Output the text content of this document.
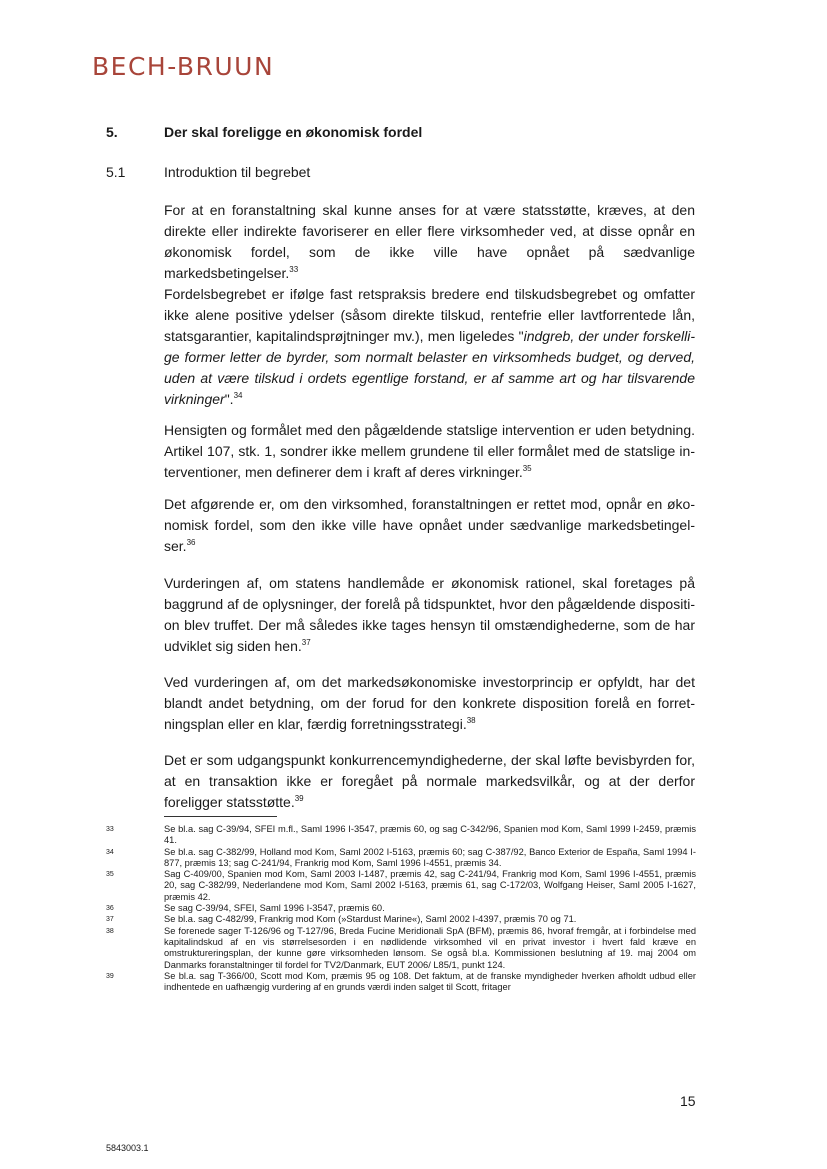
BECH-BRUUN
5.	Der skal foreligge en økonomisk fordel
5.1	Introduktion til begrebet

For at en foranstaltning skal kunne anses for at være statsstøtte, kræves, at den direkte eller indirekte favoriserer en eller flere virksomheder ved, at disse opnår en økonomisk fordel, som de ikke ville have opnået på sædvanlige markedsbetingelser.$^{33}$

Fordelsbegrebet er ifølge fast retspraksis bredere end tilskudsbegrebet og omfatter ikke alene positive ydelser (såsom direkte tilskud, rentefrie eller lavtforrentede lån, statsgarantier, kapitalindsprøjtninger mv.), men ligeledes "indgreb, der under forskellige former letter de byrder, som normalt belaster en virksomheds budget, og derved, uden at være tilskud i ordets egentlige forstand, er af samme art og har tilsvarende virkninger".$^{34}$

Hensigten og formålet med den pågældende statslige intervention er uden betydning. Artikel 107, stk. 1, sondrer ikke mellem grundene til eller formålet med de statslige interventioner, men definerer dem i kraft af deres virkninger.$^{35}$

Det afgørende er, om den virksomhed, foranstaltningen er rettet mod, opnår en økonomisk fordel, som den ikke ville have opnået under sædvanlige markedsbetingelser.$^{36}$

Vurderingen af, om statens handlemåde er økonomisk rationel, skal foretages på baggrund af de oplysninger, der forelå på tidspunktet, hvor den pågældende disposition blev truffet. Der må således ikke tages hensyn til omstændighederne, som de har udviklet sig siden hen.$^{37}$

Ved vurderingen af, om det markedsøkonomiske investorprincip er opfyldt, har det blandt andet betydning, om der forud for den konkrete disposition forelå en forretningsplan eller en klar, færdig forretningsstrategi.$^{38}$

Det er som udgangspunkt konkurrencemyndighederne, der skal løfte bevisbyrden for, at en transaktion ikke er foregået på normale markedsvilkår, og at der derfor foreligger statsstøtte.$^{39}$

33	Se bl.a. sag C-39/94, SFEI m.fl., Saml 1996 I-3547, præmis 60, og sag C-342/96, Spanien mod Kom, Saml 1999 I-2459, præmis 41.
34	Se bl.a. sag C-382/99, Holland mod Kom, Saml 2002 I-5163, præmis 60; sag C-387/92, Banco Exterior de España, Saml 1994 I-877, præmis 13; sag C-241/94, Frankrig mod Kom, Saml 1996 I-4551, præmis 34.
35	Sag C-409/00, Spanien mod Kom, Saml 2003 I-1487, præmis 42, sag C-241/94, Frankrig mod Kom, Saml 1996 I-4551, præmis 20, sag C-382/99, Nederlandene mod Kom, Saml 2002 I-5163, præmis 61, sag C-172/03, Wolfgang Heiser, Saml 2005 I-1627, præmis 42.
36	Se sag C-39/94, SFEI, Saml 1996 I-3547, præmis 60.
37	Se bl.a. sag C-482/99, Frankrig mod Kom (»Stardust Marine«), Saml 2002 I-4397, præmis 70 og 71.
38	Se forenede sager T-126/96 og T-127/96, Breda Fucine Meridionali SpA (BFM), præmis 86, hvoraf fremgår, at i forbindelse med kapitalindskud af en vis størrelsesorden i en nødlidende virksomhed vil en privat investor i hvert fald kræve en omstruktureringsplan, der kunne gøre virksomheden lønsom. Se også bl.a. Kommissionen beslutning af 19. maj 2004 om Danmarks foranstaltninger til fordel for TV2/Danmark, EUT 2006/ L85/1, punkt 124.
39	Se bl.a. sag T-366/00, Scott mod Kom, præmis 95 og 108. Det faktum, at de franske myndigheder hverken afholdt udbud eller indhentede en uafhængig vurdering af en grunds værdi inden salget til Scott, fritager
15
5843003.1
